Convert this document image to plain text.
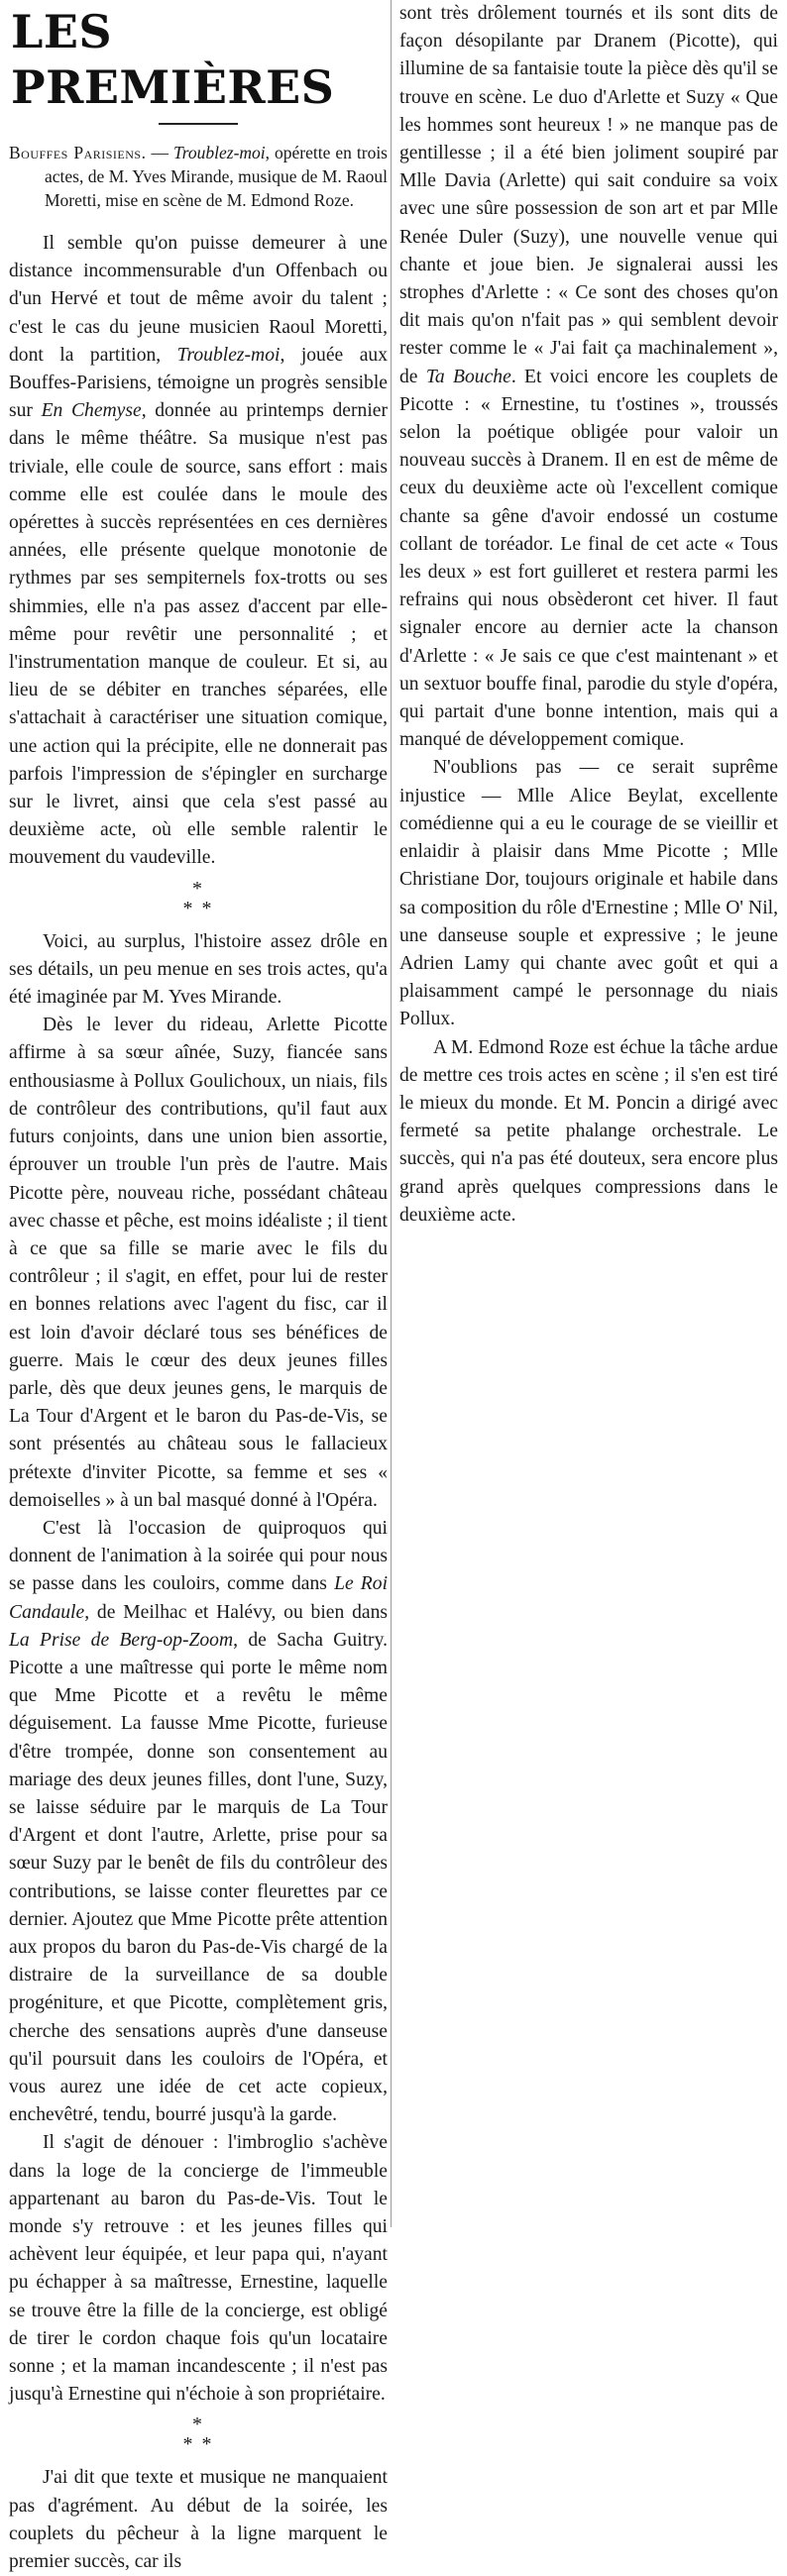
LES PREMIÈRES

Bouffes Parisiens. — Troublez-moi, opérette en trois actes, de M. Yves Mirande, musique de M. Raoul Moretti, mise en scène de M. Edmond Roze.

Il semble qu'on puisse demeurer à une distance incommensurable d'un Offenbach ou d'un Hervé et tout de même avoir du talent ; c'est le cas du jeune musicien Raoul Moretti, dont la partition, Troublez-moi, jouée aux Bouffes-Parisiens, témoigne un progrès sensible sur En Chemyse, donnée au printemps dernier dans le même théâtre. Sa musique n'est pas triviale, elle coule de source, sans effort : mais comme elle est coulée dans le moule des opérettes à succès représentées en ces dernières années, elle présente quelque monotonie de rythmes par ses sempiternels fox-trotts ou ses shimmies, elle n'a pas assez d'accent par elle-même pour revêtir une personnalité ; et l'instrumentation manque de couleur. Et si, au lieu de se débiter en tranches séparées, elle s'attachait à caractériser une situation comique, une action qui la précipite, elle ne donnerait pas parfois l'impression de s'épingler en surcharge sur le livret, ainsi que cela s'est passé au deuxième acte, où elle semble ralentir le mouvement du vaudeville.

*
* *

Voici, au surplus, l'histoire assez drôle en ses détails, un peu menue en ses trois actes, qu'a été imaginée par M. Yves Mirande.

Dès le lever du rideau, Arlette Picotte affirme à sa sœur aînée, Suzy, fiancée sans enthousiasme à Pollux Goulichoux, un niais, fils de contrôleur des contributions, qu'il faut aux futurs conjoints, dans une union bien assortie, éprouver un trouble l'un près de l'autre. Mais Picotte père, nouveau riche, possédant château avec chasse et pêche, est moins idéaliste ; il tient à ce que sa fille se marie avec le fils du contrôleur ; il s'agit, en effet, pour lui de rester en bonnes relations avec l'agent du fisc, car il est loin d'avoir déclaré tous ses bénéfices de guerre. Mais le cœur des deux jeunes filles parle, dès que deux jeunes gens, le marquis de La Tour d'Argent et le baron du Pas-de-Vis, se sont présentés au château sous le fallacieux prétexte d'inviter Picotte, sa femme et ses « demoiselles » à un bal masqué donné à l'Opéra.

C'est là l'occasion de quiproquos qui donnent de l'animation à la soirée qui pour nous se passe dans les couloirs, comme dans Le Roi Candaule, de Meilhac et Halévy, ou bien dans La Prise de Berg-op-Zoom, de Sacha Guitry. Picotte a une maîtresse qui porte le même nom que Mme Picotte et a revêtu le même déguisement. La fausse Mme Picotte, furieuse d'être trompée, donne son consentement au mariage des deux jeunes filles, dont l'une, Suzy, se laisse séduire par le marquis de La Tour d'Argent et dont l'autre, Arlette, prise pour sa sœur Suzy par le benêt de fils du contrôleur des contributions, se laisse conter fleurettes par ce dernier. Ajoutez que Mme Picotte prête attention aux propos du baron du Pas-de-Vis chargé de la distraire de la surveillance de sa double progéniture, et que Picotte, complètement gris, cherche des sensations auprès d'une danseuse qu'il poursuit dans les couloirs de l'Opéra, et vous aurez une idée de cet acte copieux, enchevêtré, tendu, bourré jusqu'à la garde.

Il s'agit de dénouer : l'imbroglio s'achève dans la loge de la concierge de l'immeuble appartenant au baron du Pas-de-Vis. Tout le monde s'y retrouve : et les jeunes filles qui achèvent leur équipée, et leur papa qui, n'ayant pu échapper à sa maîtresse, Ernestine, laquelle se trouve être la fille de la concierge, est obligé de tirer le cordon chaque fois qu'un locataire sonne ; et la maman incandescente ; il n'est pas jusqu'à Ernestine qui n'échoie à son propriétaire.

*
* *

J'ai dit que texte et musique ne manquaient pas d'agrément. Au début de la soirée, les couplets du pêcheur à la ligne marquent le premier succès, car ils

sont très drôlement tournés et ils sont dits de façon désopilante par Dranem (Picotte), qui illumine de sa fantaisie toute la pièce dès qu'il se trouve en scène. Le duo d'Arlette et Suzy « Que les hommes sont heureux ! » ne manque pas de gentillesse ; il a été bien joliment soupiré par Mlle Davia (Arlette) qui sait conduire sa voix avec une sûre possession de son art et par Mlle Renée Duler (Suzy), une nouvelle venue qui chante et joue bien. Je signalerai aussi les strophes d'Arlette : « Ce sont des choses qu'on dit mais qu'on n'fait pas » qui semblent devoir rester comme le « J'ai fait ça machinalement », de Ta Bouche. Et voici encore les couplets de Picotte : « Ernestine, tu t'ostines », troussés selon la poétique obligée pour valoir un nouveau succès à Dranem. Il en est de même de ceux du deuxième acte où l'excellent comique chante sa gêne d'avoir endossé un costume collant de toréador. Le final de cet acte « Tous les deux » est fort guilleret et restera parmi les refrains qui nous obsèderont cet hiver. Il faut signaler encore au dernier acte la chanson d'Arlette : « Je sais ce que c'est maintenant » et un sextuor bouffe final, parodie du style d'opéra, qui partait d'une bonne intention, mais qui a manqué de développement comique.

N'oublions pas — ce serait suprême injustice — Mlle Alice Beylat, excellente comédienne qui a eu le courage de se vieillir et enlaidir à plaisir dans Mme Picotte ; Mlle Christiane Dor, toujours originale et habile dans sa composition du rôle d'Ernestine ; Mlle O' Nil, une danseuse souple et expressive ; le jeune Adrien Lamy qui chante avec goût et qui a plaisamment campé le personnage du niais Pollux.

A M. Edmond Roze est échue la tâche ardue de mettre ces trois actes en scène ; il s'en est tiré le mieux du monde. Et M. Poncin a dirigé avec fermeté sa petite phalange orchestrale. Le succès, qui n'a pas été douteux, sera encore plus grand après quelques compressions dans le deuxième acte.
